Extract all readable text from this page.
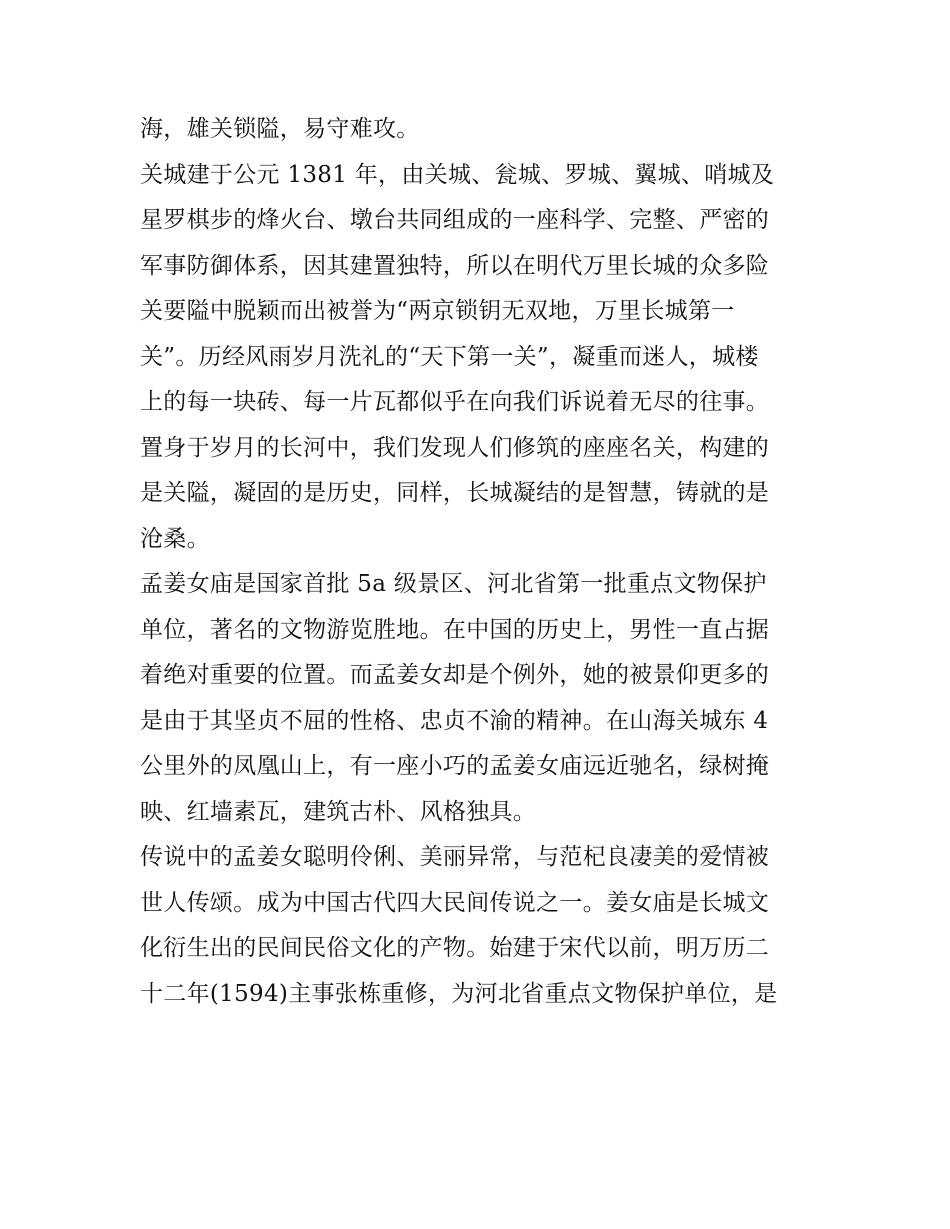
海，雄关锁隘，易守难攻。
关城建于公元 1381 年，由关城、瓮城、罗城、翼城、哨城及
星罗棋步的烽火台、墩台共同组成的一座科学、完整、严密的
军事防御体系，因其建置独特，所以在明代万里长城的众多险
关要隘中脱颖而出被誉为“两京锁钥无双地，万里长城第一
关”。历经风雨岁月洗礼的“天下第一关”，凝重而迷人，城楼
上的每一块砖、每一片瓦都似乎在向我们诉说着无尽的往事。
置身于岁月的长河中，我们发现人们修筑的座座名关，构建的
是关隘，凝固的是历史，同样，长城凝结的是智慧，铸就的是
沧桑。
孟姜女庙是国家首批 5a 级景区、河北省第一批重点文物保护
单位，著名的文物游览胜地。在中国的历史上，男性一直占据
着绝对重要的位置。而孟姜女却是个例外，她的被景仰更多的
是由于其坚贞不屈的性格、忠贞不渝的精神。在山海关城东 4
公里外的凤凰山上，有一座小巧的孟姜女庙远近驰名，绿树掩
映、红墙素瓦，建筑古朴、风格独具。
传说中的孟姜女聪明伶俐、美丽异常，与范杞良凄美的爱情被
世人传颂。成为中国古代四大民间传说之一。姜女庙是长城文
化衍生出的民间民俗文化的产物。始建于宋代以前，明万历二
十二年(1594)主事张栋重修，为河北省重点文物保护单位，是
